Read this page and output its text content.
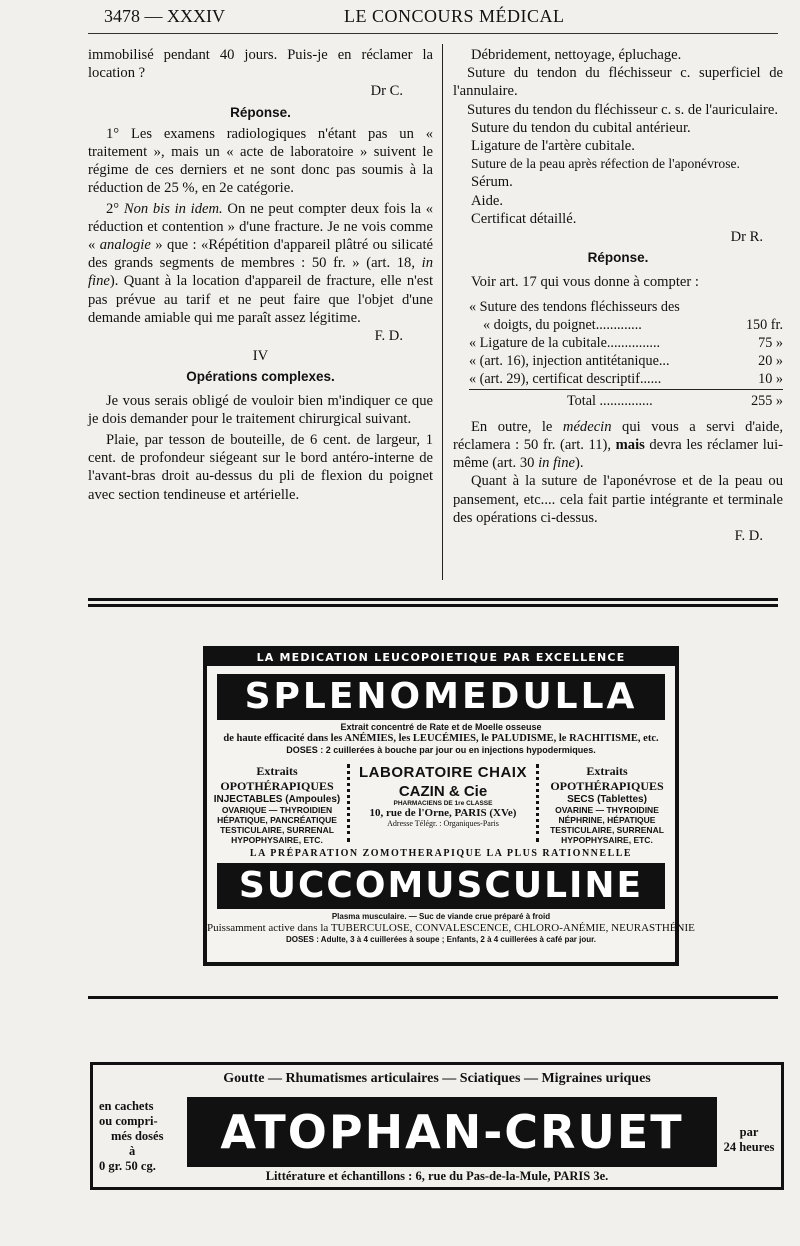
3478 — XXXIV	LE CONCOURS MÉDICAL

immobilisé pendant 40 jours. Puis-je en réclamer la location ?

Dr C.

Réponse.

1° Les examens radiologiques n'étant pas un « traitement », mais un « acte de laboratoire » suivent le régime de ces derniers et ne sont donc pas soumis à la réduction de 25 %, en 2e catégorie.

2° Non bis in idem. On ne peut compter deux fois la « réduction et contention » d'une fracture. Je ne vois comme « analogie » que : «Répétition d'appareil plâtré ou silicaté des grands segments de membres : 50 fr. » (art. 18, in fine). Quant à la location d'appareil de fracture, elle n'est pas prévue au tarif et ne peut faire que l'objet d'une demande amiable qui me paraît assez légitime.

F. D.

IV

Opérations complexes.

Je vous serais obligé de vouloir bien m'indiquer ce que je dois demander pour le traitement chirurgical suivant.

Plaie, par tesson de bouteille, de 6 cent. de largeur, 1 cent. de profondeur siégeant sur le bord antéro-interne de l'avant-bras droit au-dessus du pli de flexion du poignet avec section tendineuse et artérielle.

Débridement, nettoyage, épluchage.

Suture du tendon du fléchisseur c. superficiel de l'annulaire.

Sutures du tendon du fléchisseur c. s. de l'auriculaire.

Suture du tendon du cubital antérieur.

Ligature de l'artère cubitale.

Suture de la peau après réfection de l'aponévrose.

Sérum.

Aide.

Certificat détaillé.

Dr R.

Réponse.

Voir art. 17 qui vous donne à compter :

« Suture des tendons fléchisseurs des
« doigts, du poignet.............	150 fr.
« Ligature de la cubitale...............	75 »
« (art. 16), injection antitétanique...	20 »
« (art. 29), certificat descriptif......	10 »
Total ...............	255 »

En outre, le médecin qui vous a servi d'aide, réclamera : 50 fr. (art. 11), mais devra les réclamer lui-même (art. 30 in fine).

Quant à la suture de l'aponévrose et de la peau ou pansement, etc.... cela fait partie intégrante et terminale des opérations ci-dessus.

F. D.

LA MEDICATION LEUCOPOIETIQUE PAR EXCELLENCE
SPLENOMEDULLA
Extrait concentré de Rate et de Moelle osseuse
de haute efficacité dans les ANÉMIES, les LEUCÉMIES, le PALUDISME, le RACHITISME, etc.
DOSES : 2 cuillerées à bouche par jour ou en injections hypodermiques.
Extraits OPOTHÉRAPIQUES
INJECTABLES (Ampoules)
OVARIQUE — THYROIDIEN
HÉPATIQUE, PANCRÉATIQUE
TESTICULAIRE, SURRENAL
HYPOPHYSAIRE, ETC.
LABORATOIRE CHAIX
CAZIN & Cie
PHARMACIENS DE 1re CLASSE
10, rue de l'Orne, PARIS (XVe)
Adresse Télégr. : Organiques-Paris
Extraits OPOTHÉRAPIQUES
SECS (Tablettes)
OVARINE — THYROIDINE
NÉPHRINE, HÉPATIQUE
TESTICULAIRE, SURRENAL
HYPOPHYSAIRE, ETC.
LA PRÉPARATION ZOMOTHERAPIQUE LA PLUS RATIONNELLE
SUCCOMUSCULINE
Plasma musculaire. — Suc de viande crue préparé à froid
Puissamment active dans la TUBERCULOSE, CONVALESCENCE, CHLORO-ANÉMIE, NEURASTHÉNIE
DOSES : Adulte, 3 à 4 cuillerées à soupe ; Enfants, 2 à 4 cuillerées à café par jour.
Goutte — Rhumatismes articulaires — Sciatiques — Migraines uriques
en cachets
ou compri-
més dosés
à
0 gr. 50 cg.
ATOPHAN-CRUET	par
24 heures
Littérature et échantillons : 6, rue du Pas-de-la-Mule, PARIS 3e.
